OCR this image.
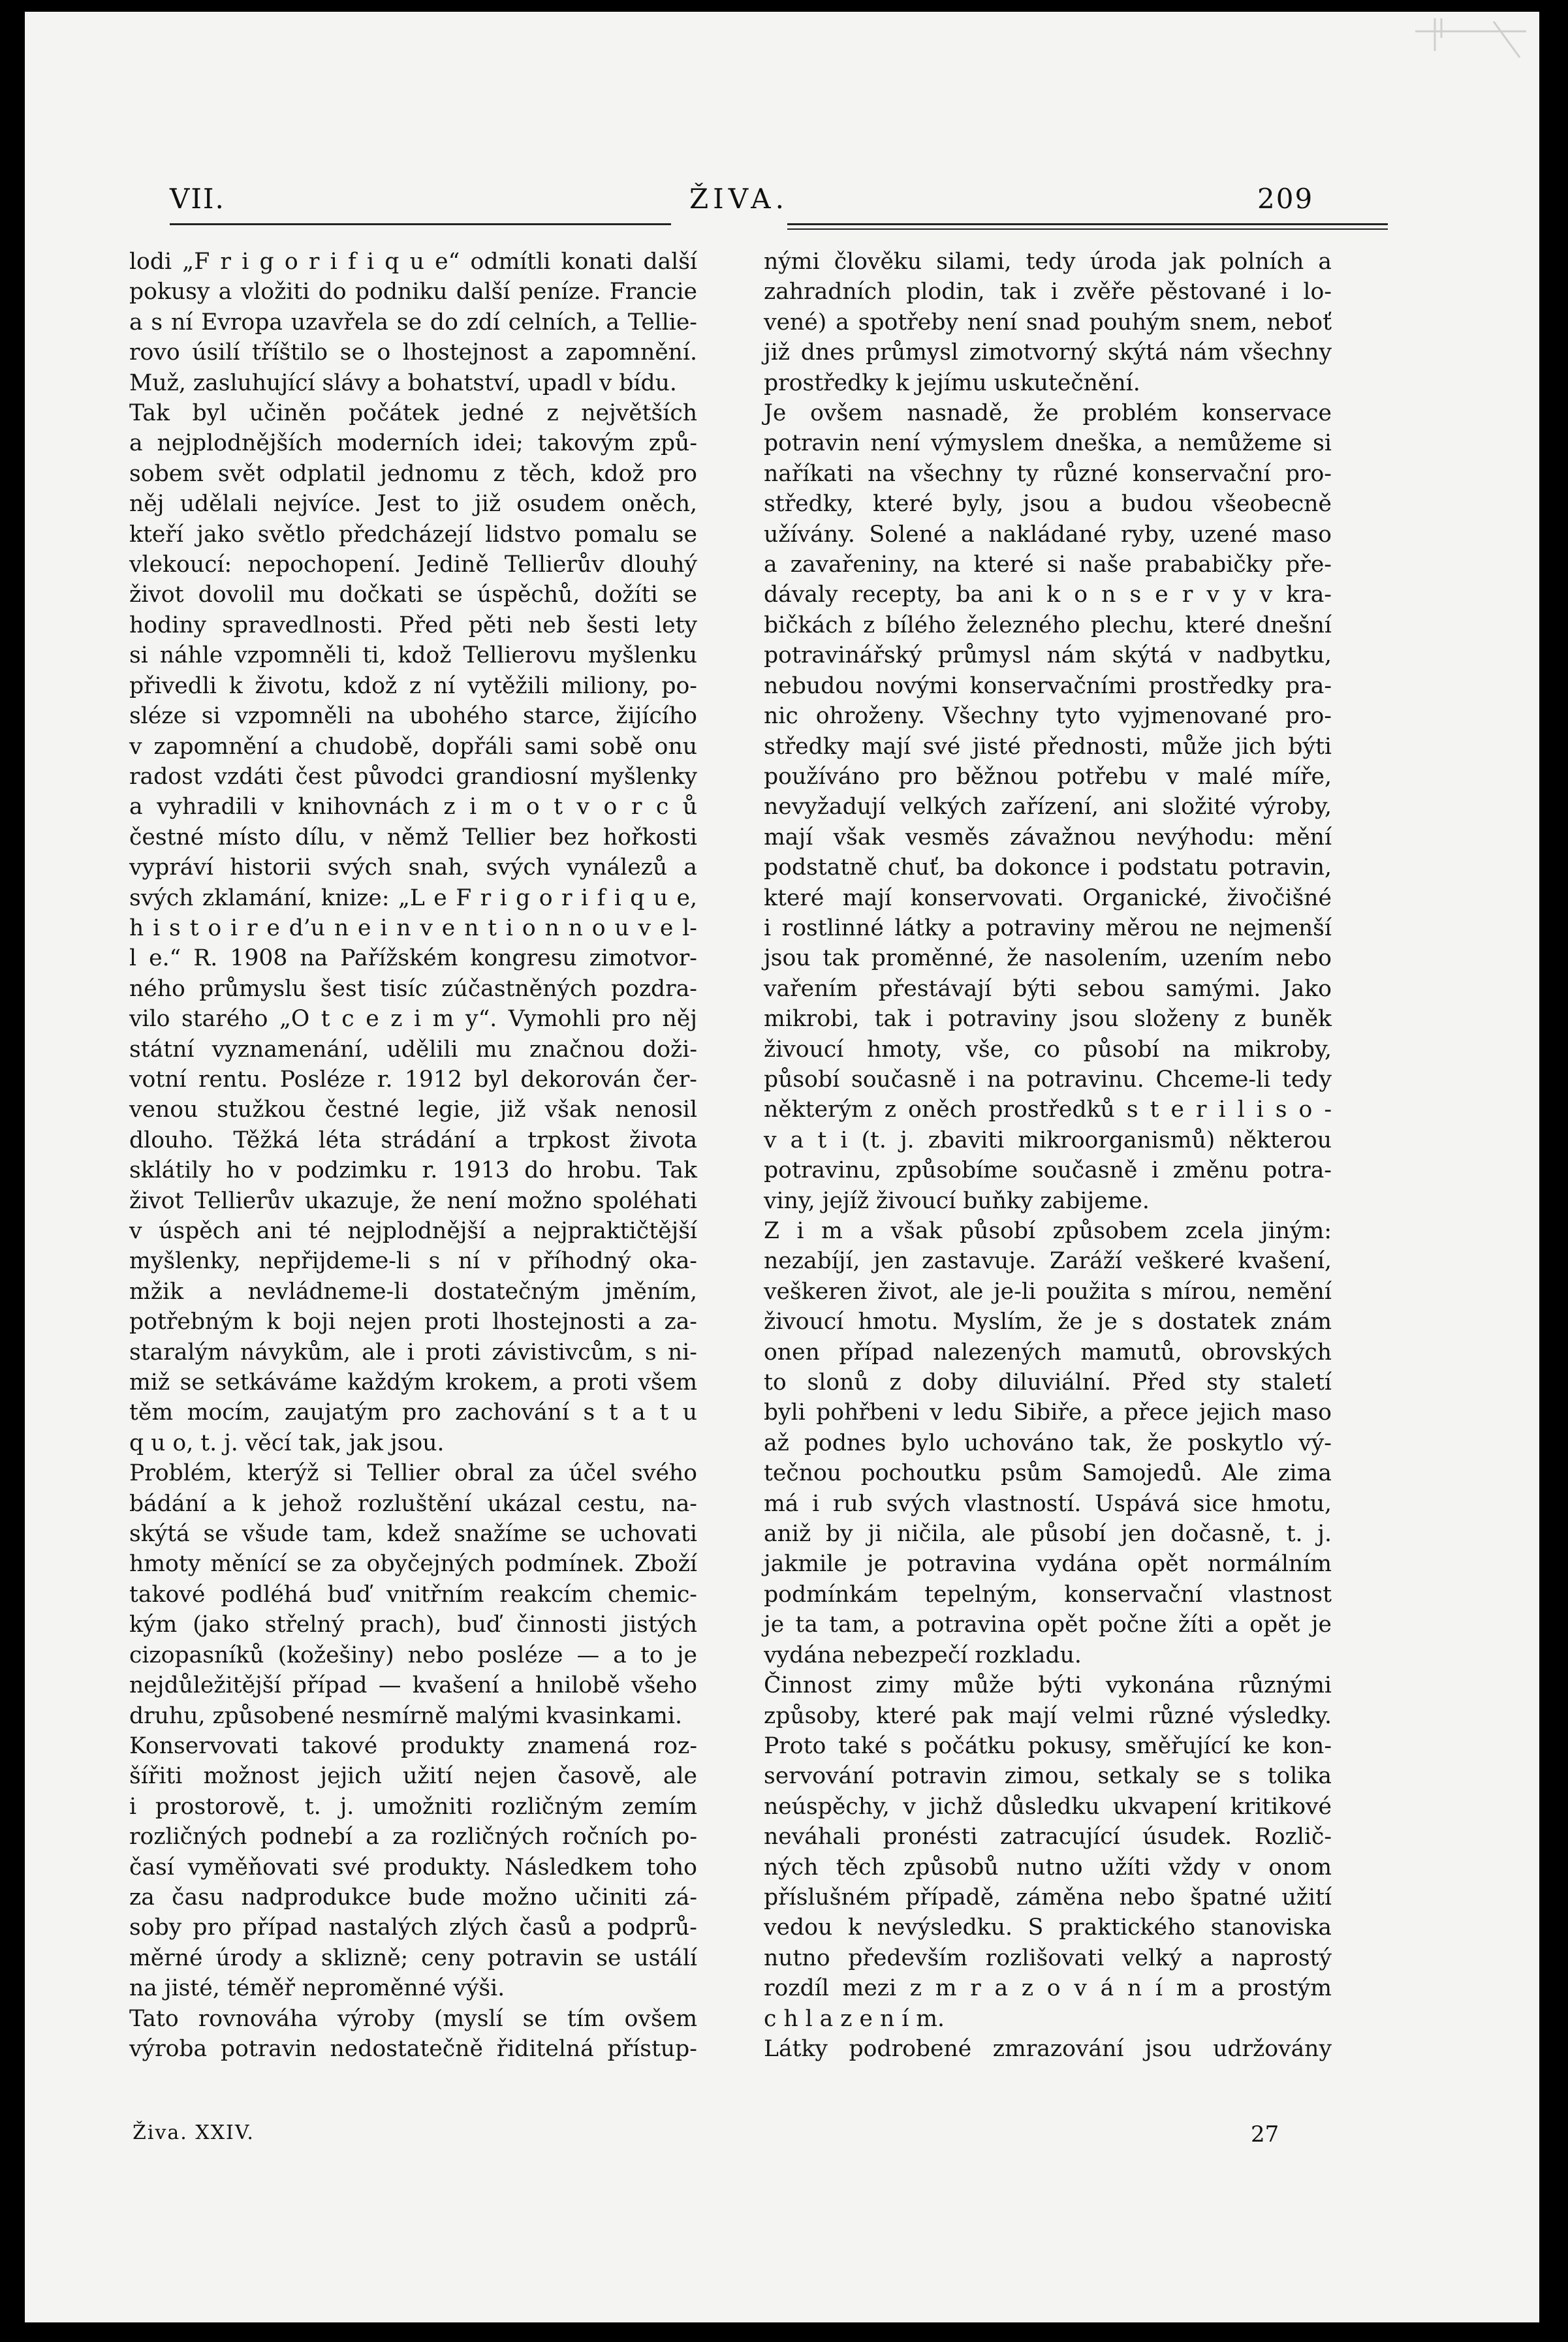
VII.	ŽIVA.	209
lodi „F r i g o r i f i q u e“ odmítli konati další
pokusy a vložiti do podniku další peníze. Francie
a s ní Evropa uzavřela se do zdí celních, a Tellie-
rovo úsilí tříštilo se o lhostejnost a zapomnění.
Muž, zasluhující slávy a bohatství, upadl v bídu.
Tak byl učiněn počátek jedné z největších
a nejplodnějších moderních idei; takovým způ-
sobem svět odplatil jednomu z těch, kdož pro
něj udělali nejvíce. Jest to již osudem oněch,
kteří jako světlo předcházejí lidstvo pomalu se
vlekoucí: nepochopení. Jedině Tellierův dlouhý
život dovolil mu dočkati se úspěchů, dožíti se
hodiny spravedlnosti. Před pěti neb šesti lety
si náhle vzpomněli ti, kdož Tellierovu myšlenku
přivedli k životu, kdož z ní vytěžili miliony, po-
sléze si vzpomněli na ubohého starce, žijícího
v zapomnění a chudobě, dopřáli sami sobě onu
radost vzdáti čest původci grandiosní myšlenky
a vyhradili v knihovnách z i m o t v o r c ů
čestné místo dílu, v němž Tellier bez hořkosti
vypráví historii svých snah, svých vynálezů a
svých zklamání, knize: „L e F r i g o r i f i q u e,
h i s t o i r e d’u n e i n v e n t i o n n o u v e l-
l e.“ R. 1908 na Pařížském kongresu zimotvor-
ného průmyslu šest tisíc zúčastněných pozdra-
vilo starého „O t c e z i m y“. Vymohli pro něj
státní vyznamenání, udělili mu značnou doži-
votní rentu. Posléze r. 1912 byl dekorován čer-
venou stužkou čestné legie, již však nenosil
dlouho. Těžká léta strádání a trpkost života
sklátily ho v podzimku r. 1913 do hrobu. Tak
život Tellierův ukazuje, že není možno spoléhati
v úspěch ani té nejplodnější a nejpraktičtější
myšlenky, nepřijdeme-li s ní v příhodný oka-
mžik a nevládneme-li dostatečným jměním,
potřebným k boji nejen proti lhostejnosti a za-
staralým návykům, ale i proti závistivcům, s ni-
miž se setkáváme každým krokem, a proti všem
těm mocím, zaujatým pro zachování s t a t u
q u o, t. j. věcí tak, jak jsou.
Problém, kterýž si Tellier obral za účel svého
bádání a k jehož rozluštění ukázal cestu, na-
skýtá se všude tam, kdež snažíme se uchovati
hmoty měnící se za obyčejných podmínek. Zboží
takové podléhá buď vnitřním reakcím chemic-
kým (jako střelný prach), buď činnosti jistých
cizopasníků (kožešiny) nebo posléze — a to je
nejdůležitější případ — kvašení a hnilobě všeho
druhu, způsobené nesmírně malými kvasinkami.
Konservovati takové produkty znamená roz-
šířiti možnost jejich užití nejen časově, ale
i prostorově, t. j. umožniti rozličným zemím
rozličných podnebí a za rozličných ročních po-
časí vyměňovati své produkty. Následkem toho
za času nadprodukce bude možno učiniti zá-
soby pro případ nastalých zlých časů a podprů-
měrné úrody a sklizně; ceny potravin se ustálí
na jisté, téměř neproměnné výši.
Tato rovnováha výroby (myslí se tím ovšem
výroba potravin nedostatečně řiditelná přístup-
nými člověku silami, tedy úroda jak polních a
zahradních plodin, tak i zvěře pěstované i lo-
vené) a spotřeby není snad pouhým snem, neboť
již dnes průmysl zimotvorný skýtá nám všechny
prostředky k jejímu uskutečnění.
Je ovšem nasnadě, že problém konservace
potravin není výmyslem dneška, a nemůžeme si
naříkati na všechny ty různé konservační pro-
středky, které byly, jsou a budou všeobecně
užívány. Solené a nakládané ryby, uzené maso
a zavařeniny, na které si naše prababičky pře-
dávaly recepty, ba ani k o n s e r v y v kra-
bičkách z bílého železného plechu, které dnešní
potravinářský průmysl nám skýtá v nadbytku,
nebudou novými konservačními prostředky pra-
nic ohroženy. Všechny tyto vyjmenované pro-
středky mají své jisté přednosti, může jich býti
používáno pro běžnou potřebu v malé míře,
nevyžadují velkých zařízení, ani složité výroby,
mají však vesměs závažnou nevýhodu: mění
podstatně chuť, ba dokonce i podstatu potravin,
které mají konservovati. Organické, živočišné
i rostlinné látky a potraviny měrou ne nejmenší
jsou tak proměnné, že nasolením, uzením nebo
vařením přestávají býti sebou samými. Jako
mikrobi, tak i potraviny jsou složeny z buněk
živoucí hmoty, vše, co působí na mikroby,
působí současně i na potravinu. Chceme-li tedy
některým z oněch prostředků s t e r i l i s o -
v a t i (t. j. zbaviti mikroorganismů) některou
potravinu, způsobíme současně i změnu potra-
viny, jejíž živoucí buňky zabijeme.
Z i m a však působí způsobem zcela jiným:
nezabíjí, jen zastavuje. Zaráží veškeré kvašení,
veškeren život, ale je-li použita s mírou, nemění
živoucí hmotu. Myslím, že je s dostatek znám
onen případ nalezených mamutů, obrovských
to slonů z doby diluviální. Před sty staletí
byli pohřbeni v ledu Sibiře, a přece jejich maso
až podnes bylo uchováno tak, že poskytlo vý-
tečnou pochoutku psům Samojedů. Ale zima
má i rub svých vlastností. Uspává sice hmotu,
aniž by ji ničila, ale působí jen dočasně, t. j.
jakmile je potravina vydána opět normálním
podmínkám tepelným, konservační vlastnost
je ta tam, a potravina opět počne žíti a opět je
vydána nebezpečí rozkladu.
Činnost zimy může býti vykonána různými
způsoby, které pak mají velmi různé výsledky.
Proto také s počátku pokusy, směřující ke kon-
servování potravin zimou, setkaly se s tolika
neúspěchy, v jichž důsledku ukvapení kritikové
neváhali pronésti zatracující úsudek. Rozlič-
ných těch způsobů nutno užíti vždy v onom
příslušném případě, záměna nebo špatné užití
vedou k nevýsledku. S praktického stanoviska
nutno především rozlišovati velký a naprostý
rozdíl mezi z m r a z o v á n í m a prostým
c h l a z e n í m.
Látky podrobené zmrazování jsou udržovány
Živa. XXIV.	27
